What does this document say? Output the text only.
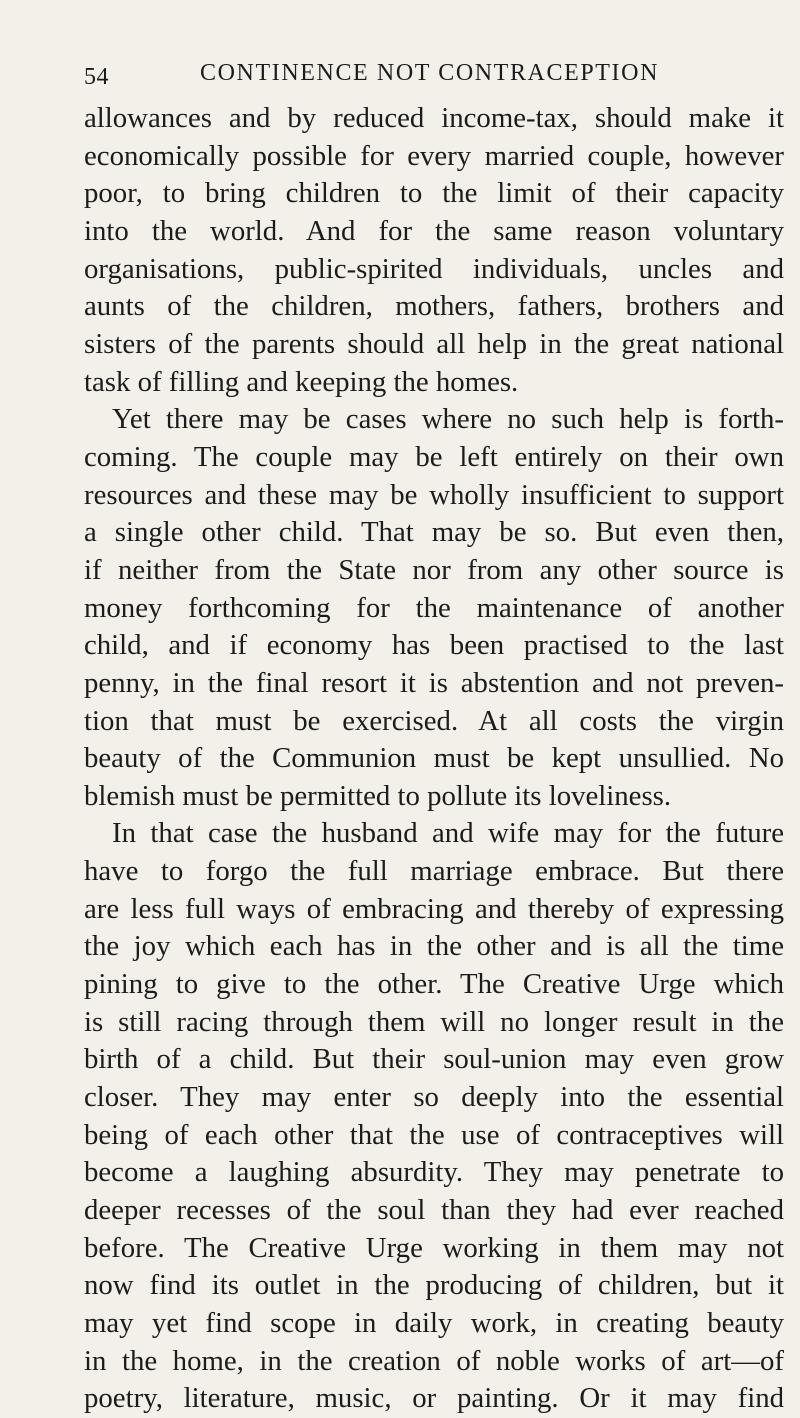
54	CONTINENCE NOT CONTRACEPTION

allowances and by reduced income-tax, should make it

economically possible for every married couple, however

poor, to bring children to the limit of their capacity

into the world. And for the same reason voluntary

organisations, public-spirited individuals, uncles and

aunts of the children, mothers, fathers, brothers and

sisters of the parents should all help in the great national

task of filling and keeping the homes.

Yet there may be cases where no such help is forth-

coming. The couple may be left entirely on their own

resources and these may be wholly insufficient to support

a single other child. That may be so. But even then,

if neither from the State nor from any other source is

money forthcoming for the maintenance of another

child, and if economy has been practised to the last

penny, in the final resort it is abstention and not preven-

tion that must be exercised. At all costs the virgin

beauty of the Communion must be kept unsullied. No

blemish must be permitted to pollute its loveliness.

In that case the husband and wife may for the future

have to forgo the full marriage embrace. But there

are less full ways of embracing and thereby of expressing

the joy which each has in the other and is all the time

pining to give to the other. The Creative Urge which

is still racing through them will no longer result in the

birth of a child. But their soul-union may even grow

closer. They may enter so deeply into the essential

being of each other that the use of contraceptives will

become a laughing absurdity. They may penetrate to

deeper recesses of the soul than they had ever reached

before. The Creative Urge working in them may not

now find its outlet in the producing of children, but it

may yet find scope in daily work, in creating beauty

in the home, in the creation of noble works of art—of

poetry, literature, music, or painting. Or it may find
